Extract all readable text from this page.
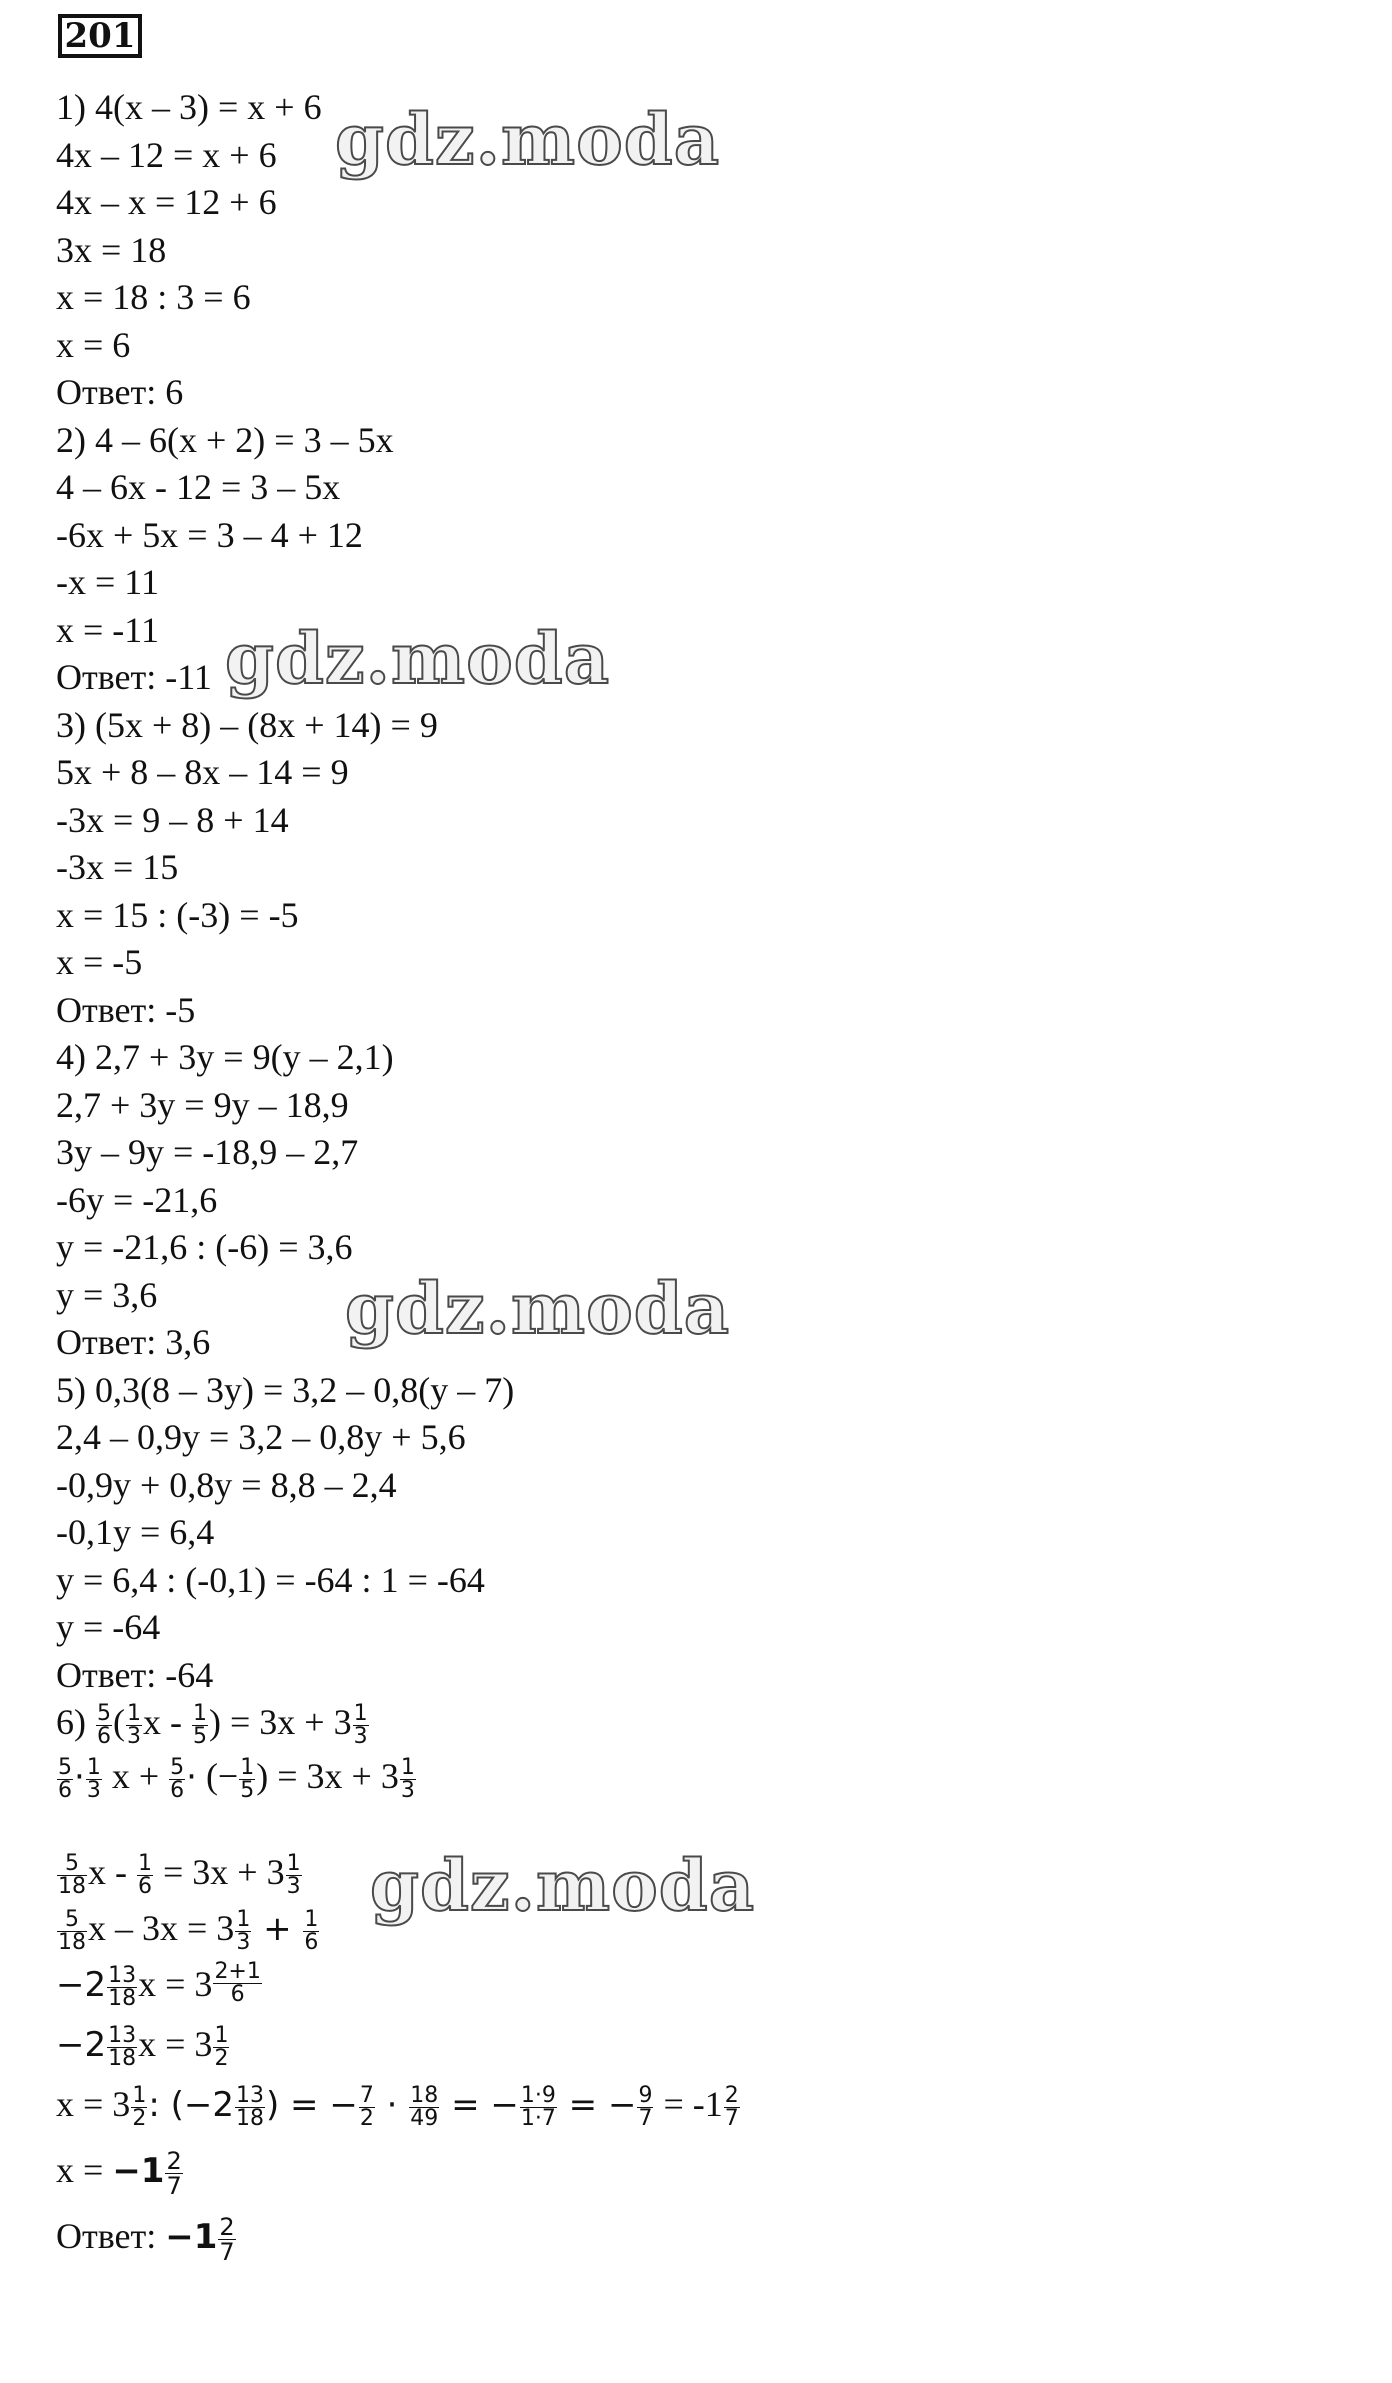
201
1) 4(x – 3) = x + 6
4x – 12 = x + 6
4x – x = 12 + 6
3x = 18
x = 18 : 3 = 6
x = 6
Ответ: 6
2) 4 – 6(x + 2) = 3 – 5x
4 – 6x - 12 = 3 – 5x
-6x + 5x = 3 – 4 + 12
-x = 11
x = -11
Ответ: -11
3) (5x + 8) – (8x + 14) = 9
5x + 8 – 8x – 14 = 9
-3x = 9 – 8 + 14
-3x = 15
x = 15 : (-3) = -5
x = -5
Ответ: -5
4) 2,7 + 3y = 9(y – 2,1)
2,7 + 3y = 9y – 18,9
3y – 9y = -18,9 – 2,7
-6y = -21,6
y = -21,6 : (-6) = 3,6
y = 3,6
Ответ: 3,6
5) 0,3(8 – 3y) = 3,2 – 0,8(y – 7)
2,4 – 0,9y = 3,2 – 0,8y + 5,6
-0,9y + 0,8y = 8,8 – 2,4
-0,1y = 6,4
y = 6,4 : (-0,1) = -64 : 1 = -64
y = -64
Ответ: -64
$6) \frac{5}{6}$ ( $\frac{1}{3}$ x - $\frac{1}{5}$ ) = $3x + 3 \frac{1}{3}$
$\frac{5}{6} \cdot \frac{1}{3}$ $x + \frac{5}{6}$ · (− $\frac{1}{5}$ ) = $3x + 3 \frac{1}{3}$
$\frac{5}{18}$ $x - \frac{1}{6} = 3x + 3 \frac{1}{3}$
$\frac{5}{18}$ $x - 3x = 3 \frac{1}{3} + \frac{1}{6}$
$-2 \frac{13}{18}$ $x = 3 \frac{2+1}{6}$
$-2 \frac{13}{18}$ $x = 3 \frac{1}{2}$
$x = 3 \frac{1}{2}$ : ($-2 \frac{13}{18}$ ) = − $\frac{7}{2} \cdot \frac{18}{49}$ = − $\frac{1\cdot 9}{1\cdot 7}$ = − $\frac{9}{7} = -1 \frac{2}{7}$
$x = -1 \frac{2}{7}$
Ответ: $-1 \frac{2}{7}$
gdz.moda
gdz.moda
gdz.moda
gdz.moda
